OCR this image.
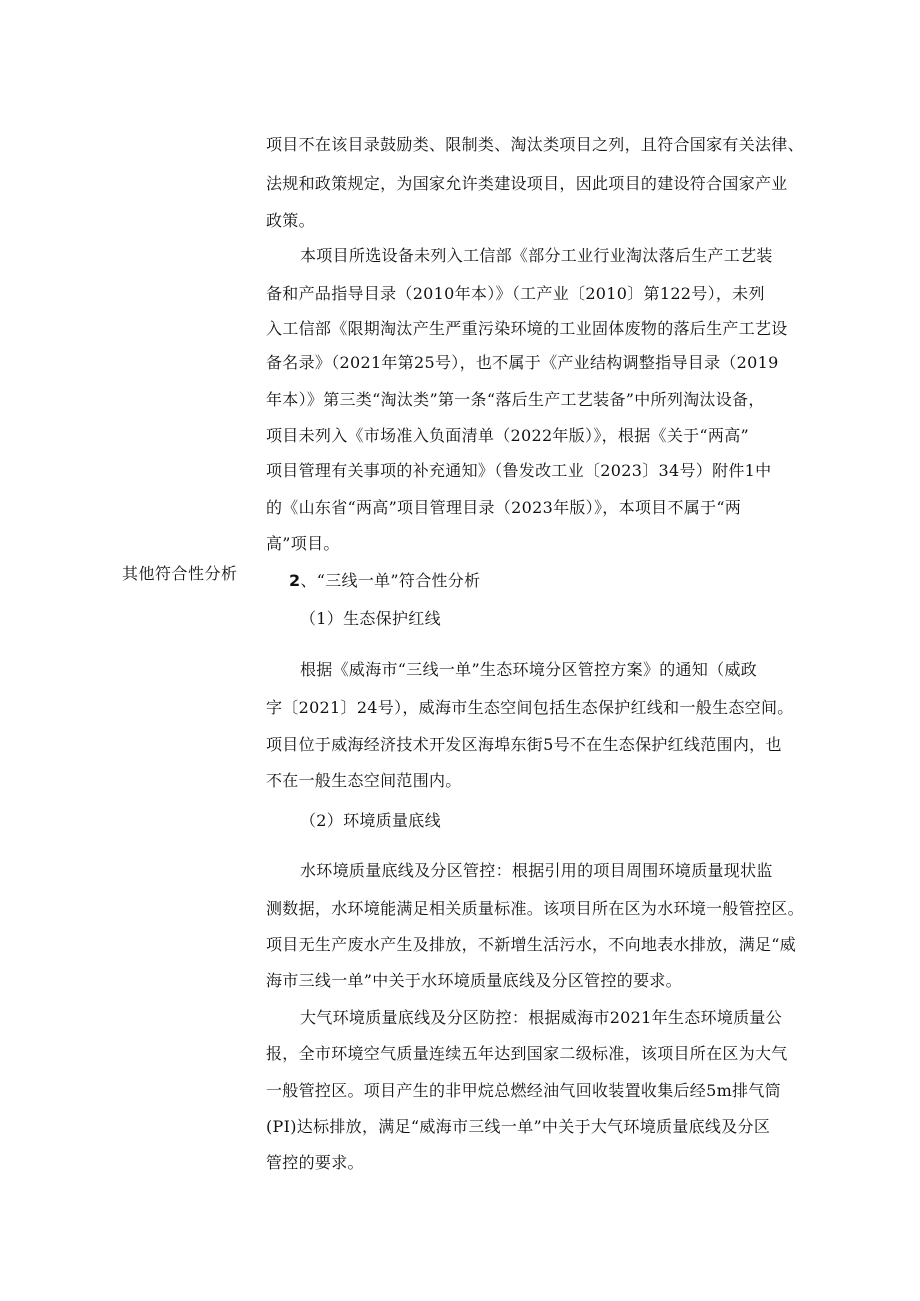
其他符合性分析
项目不在该目录鼓励类、限制类、淘汰类项目之列，且符合国家有关法律、
法规和政策规定，为国家允许类建设项目，因此项目的建设符合国家产业
政策。
本项目所选设备未列入工信部《部分工业行业淘汰落后生产工艺装
备和产品指导目录（2010年本）》（工产业〔2010〕第122号），未列
入工信部《限期淘汰产生严重污染环境的工业固体废物的落后生产工艺设
备名录》（2021年第25号），也不属于《产业结构调整指导目录（2019
年本）》第三类“淘汰类”第一条“落后生产工艺装备”中所列淘汰设备，
项目未列入《市场准入负面清单（2022年版）》，根据《关于“两高”
项目管理有关事项的补充通知》（鲁发改工业〔2023〕34号）附件1中
的《山东省“两高”项目管理目录（2023年版）》，本项目不属于“两
高”项目。
2、“三线一单”符合性分析
（1）生态保护红线
根据《威海市“三线一单”生态环境分区管控方案》的通知（威政
字〔2021〕24号），威海市生态空间包括生态保护红线和一般生态空间。
项目位于威海经济技术开发区海埠东街5号不在生态保护红线范围内，也
不在一般生态空间范围内。
（2）环境质量底线
水环境质量底线及分区管控：根据引用的项目周围环境质量现状监
测数据，水环境能满足相关质量标准。该项目所在区为水环境一般管控区。
项目无生产废水产生及排放，不新增生活污水，不向地表水排放，满足“威
海市三线一单”中关于水环境质量底线及分区管控的要求。
大气环境质量底线及分区防控：根据威海市2021年生态环境质量公
报，全市环境空气质量连续五年达到国家二级标准，该项目所在区为大气
一般管控区。项目产生的非甲烷总燃经油气回收装置收集后经5m排气筒
(PI)达标排放，满足“威海市三线一单”中关于大气环境质量底线及分区
管控的要求。
